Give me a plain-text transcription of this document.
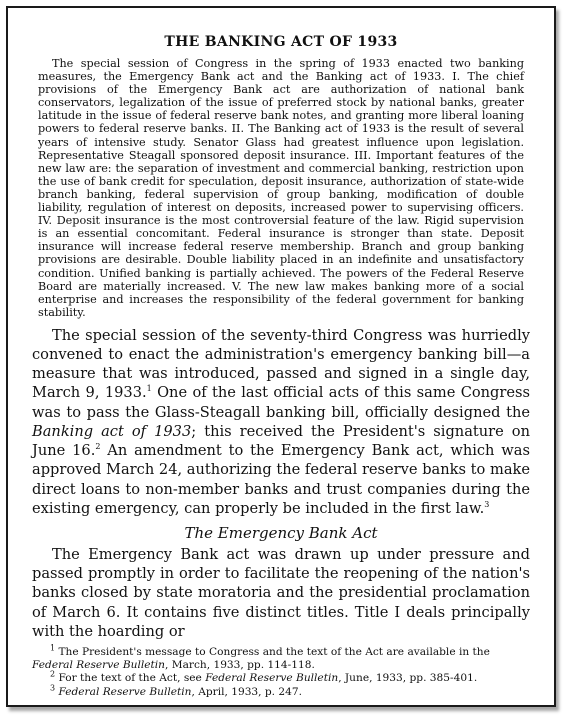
THE BANKING ACT OF 1933

The special session of Congress in the spring of 1933 enacted two banking measures, the Emergency Bank act and the Banking act of 1933. I. The chief provisions of the Emergency Bank act are authorization of national bank conservators, legalization of the issue of preferred stock by national banks, greater latitude in the issue of federal reserve bank notes, and granting more liberal loaning powers to federal reserve banks. II. The Banking act of 1933 is the result of several years of intensive study. Senator Glass had greatest influence upon legislation. Representative Steagall sponsored deposit insurance. III. Important features of the new law are: the separation of investment and commercial banking, restriction upon the use of bank credit for speculation, deposit insurance, authorization of state-wide branch banking, federal supervision of group banking, modification of double liability, regulation of interest on deposits, increased power to supervising officers. IV. Deposit insurance is the most controversial feature of the law. Rigid supervision is an essential concomitant. Federal insurance is stronger than state. Deposit insurance will increase federal reserve membership. Branch and group banking provisions are desirable. Double liability placed in an indefinite and unsatisfactory condition. Unified banking is partially achieved. The powers of the Federal Reserve Board are materially increased. V. The new law makes banking more of a social enterprise and increases the responsibility of the federal government for banking stability.

The special session of the seventy-third Congress was hurriedly convened to enact the administration's emergency banking bill—a measure that was introduced, passed and signed in a single day, March 9, 1933.$^1$ One of the last official acts of this same Congress was to pass the Glass-Steagall banking bill, officially designed the Banking act of 1933; this received the President's signature on June 16.$^2$ An amendment to the Emergency Bank act, which was approved March 24, authorizing the federal reserve banks to make direct loans to non-member banks and trust companies during the existing emergency, can properly be included in the first law.$^3$

The Emergency Bank Act

The Emergency Bank act was drawn up under pressure and passed promptly in order to facilitate the reopening of the nation's banks closed by state moratoria and the presidential proclamation of March 6. It contains five distinct titles. Title I deals principally with the hoarding or

$^1$ The President's message to Congress and the text of the Act are available in the Federal Reserve Bulletin, March, 1933, pp. 114-118.

$^2$ For the text of the Act, see Federal Reserve Bulletin, June, 1933, pp. 385-401.

$^3$ Federal Reserve Bulletin, April, 1933, p. 247.
